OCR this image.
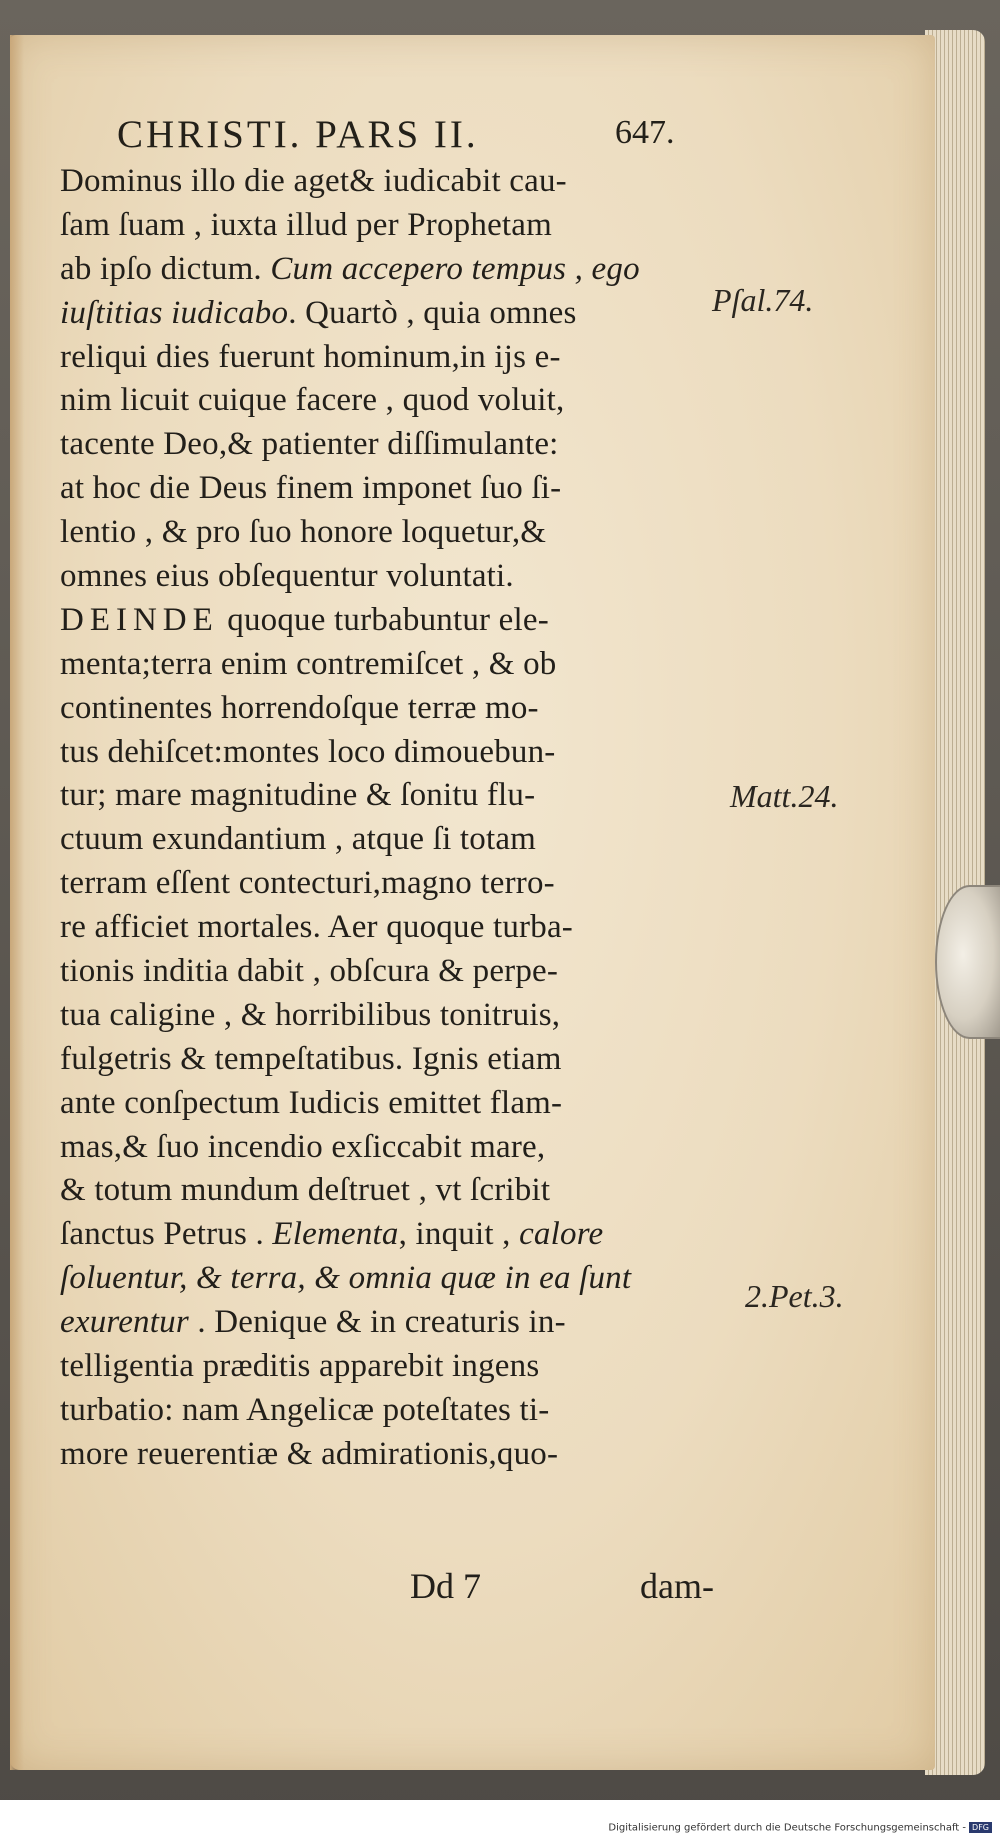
CHRISTI. PARS II.	647.
Dominus illo die aget& iudicabit cau-
ſam ſuam , iuxta illud per Prophetam
ab ipſo dictum. Cum accepero tempus , ego
iuſtitias iudicabo. Quartò , quia omnes
reliqui dies fuerunt hominum,in ijs e-
nim licuit cuique facere , quod voluit,
tacente Deo,& patienter diſſimulante:
at hoc die Deus finem imponet ſuo ſi-
lentio , & pro ſuo honore loquetur,&
omnes eius obſequentur voluntati.
DEINDE quoque turbabuntur ele-
menta;terra enim contremiſcet , & ob
continentes horrendoſque terræ mo-
tus dehiſcet:montes loco dimouebun-
tur; mare magnitudine & ſonitu flu-
ctuum exundantium , atque ſi totam
terram eſſent contecturi,magno terro-
re afficiet mortales. Aer quoque turba-
tionis inditia dabit , obſcura & perpe-
tua caligine , & horribilibus tonitruis,
fulgetris & tempeſtatibus. Ignis etiam
ante conſpectum Iudicis emittet flam-
mas,& ſuo incendio exſiccabit mare,
& totum mundum deſtruet , vt ſcribit
ſanctus Petrus . Elementa, inquit , calore
ſoluentur, & terra, & omnia quæ in ea ſunt
exurentur . Denique & in creaturis in-
telligentia præditis apparebit ingens
turbatio: nam Angelicæ poteſtates ti-
more reuerentiæ & admirationis,quo-
Pſal.74.
Matt.24.
2.Pet.3.
Dd 7	dam-
Digitalisierung gefördert durch die Deutsche Forschungsgemeinschaft - DFG
